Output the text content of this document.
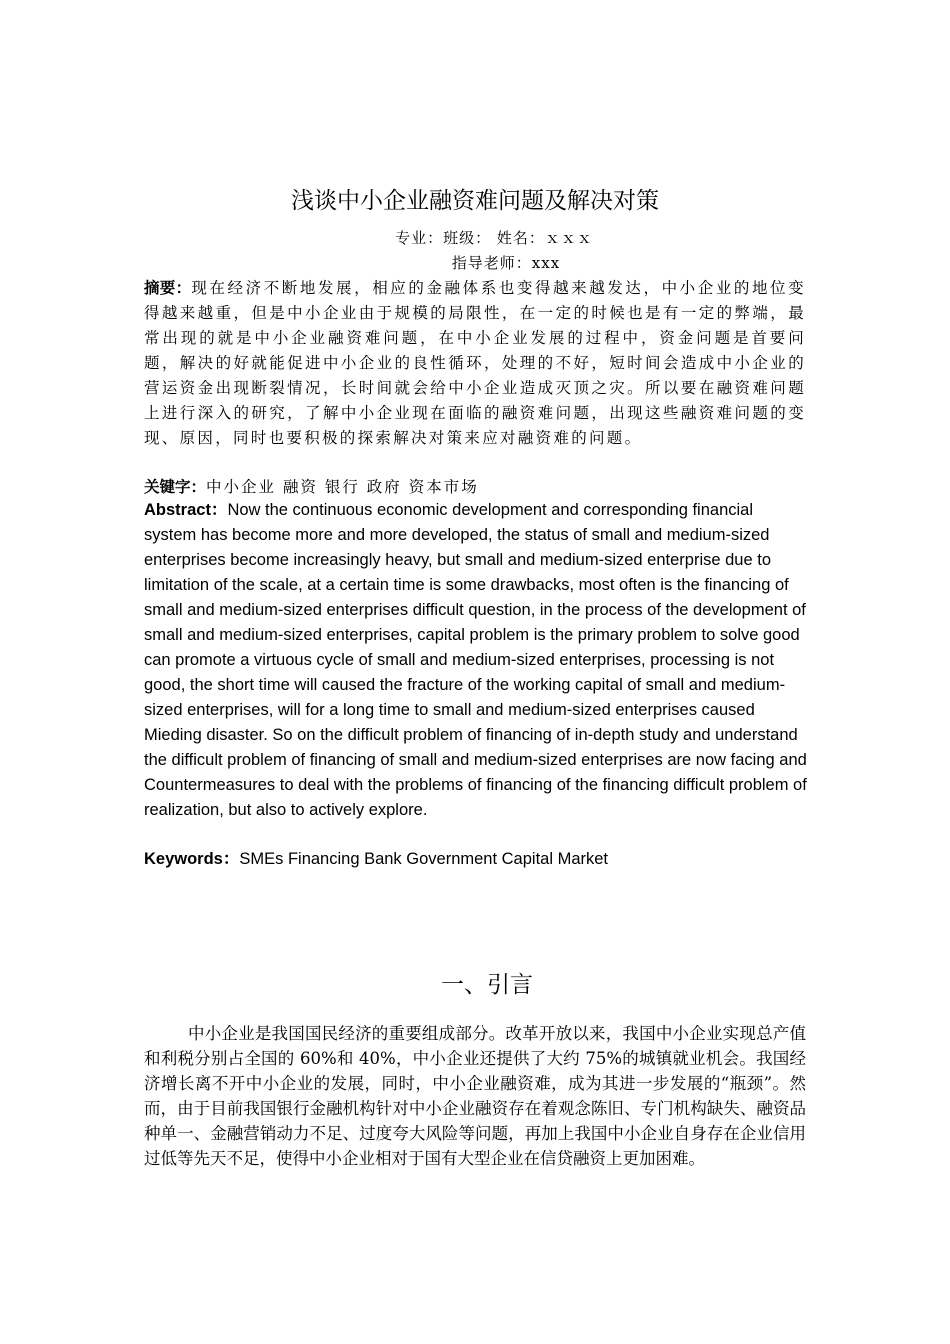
浅谈中小企业融资难问题及解决对策
专业：班级： 姓名：ｘｘｘ
指导老师：xxx
摘要：现在经济不断地发展，相应的金融体系也变得越来越发达，中小企业的地位变得越来越重，但是中小企业由于规模的局限性，在一定的时候也是有一定的弊端，最常出现的就是中小企业融资难问题，在中小企业发展的过程中，资金问题是首要问题，解决的好就能促进中小企业的良性循环，处理的不好，短时间会造成中小企业的营运资金出现断裂情况，长时间就会给中小企业造成灭顶之灾。所以要在融资难问题上进行深入的研究，了解中小企业现在面临的融资难问题，出现这些融资难问题的变现、原因，同时也要积极的探索解决对策来应对融资难的问题。
关键字：中小企业 融资 银行 政府 资本市场
Abstract：Now the continuous economic development and corresponding financial system has become more and more developed, the status of small and medium-sized enterprises become increasingly heavy, but small and medium-sized enterprise due to limitation of the scale, at a certain time is some drawbacks, most often is the financing of small and medium-sized enterprises difficult question, in the process of the development of small and medium-sized enterprises, capital problem is the primary problem to solve good can promote a virtuous cycle of small and medium-sized enterprises, processing is not good, the short time will caused the fracture of the working capital of small and medium-sized enterprises, will for a long time to small and medium-sized enterprises caused Mieding disaster. So on the difficult problem of financing of in-depth study and understand the difficult problem of financing of small and medium-sized enterprises are now facing and Countermeasures to deal with the problems of financing of the financing difficult problem of realization, but also to actively explore.
Keywords：SMEs Financing Bank Government Capital Market
一、引言

中小企业是我国国民经济的重要组成部分。改革开放以来，我国中小企业实现总产值和利税分别占全国的 60%和 40%，中小企业还提供了大约 75%的城镇就业机会。我国经济增长离不开中小企业的发展，同时，中小企业融资难，成为其进一步发展的“瓶颈”。然而，由于目前我国银行金融机构针对中小企业融资存在着观念陈旧、专门机构缺失、融资品种单一、金融营销动力不足、过度夸大风险等问题，再加上我国中小企业自身存在企业信用过低等先天不足，使得中小企业相对于国有大型企业在信贷融资上更加困难。
